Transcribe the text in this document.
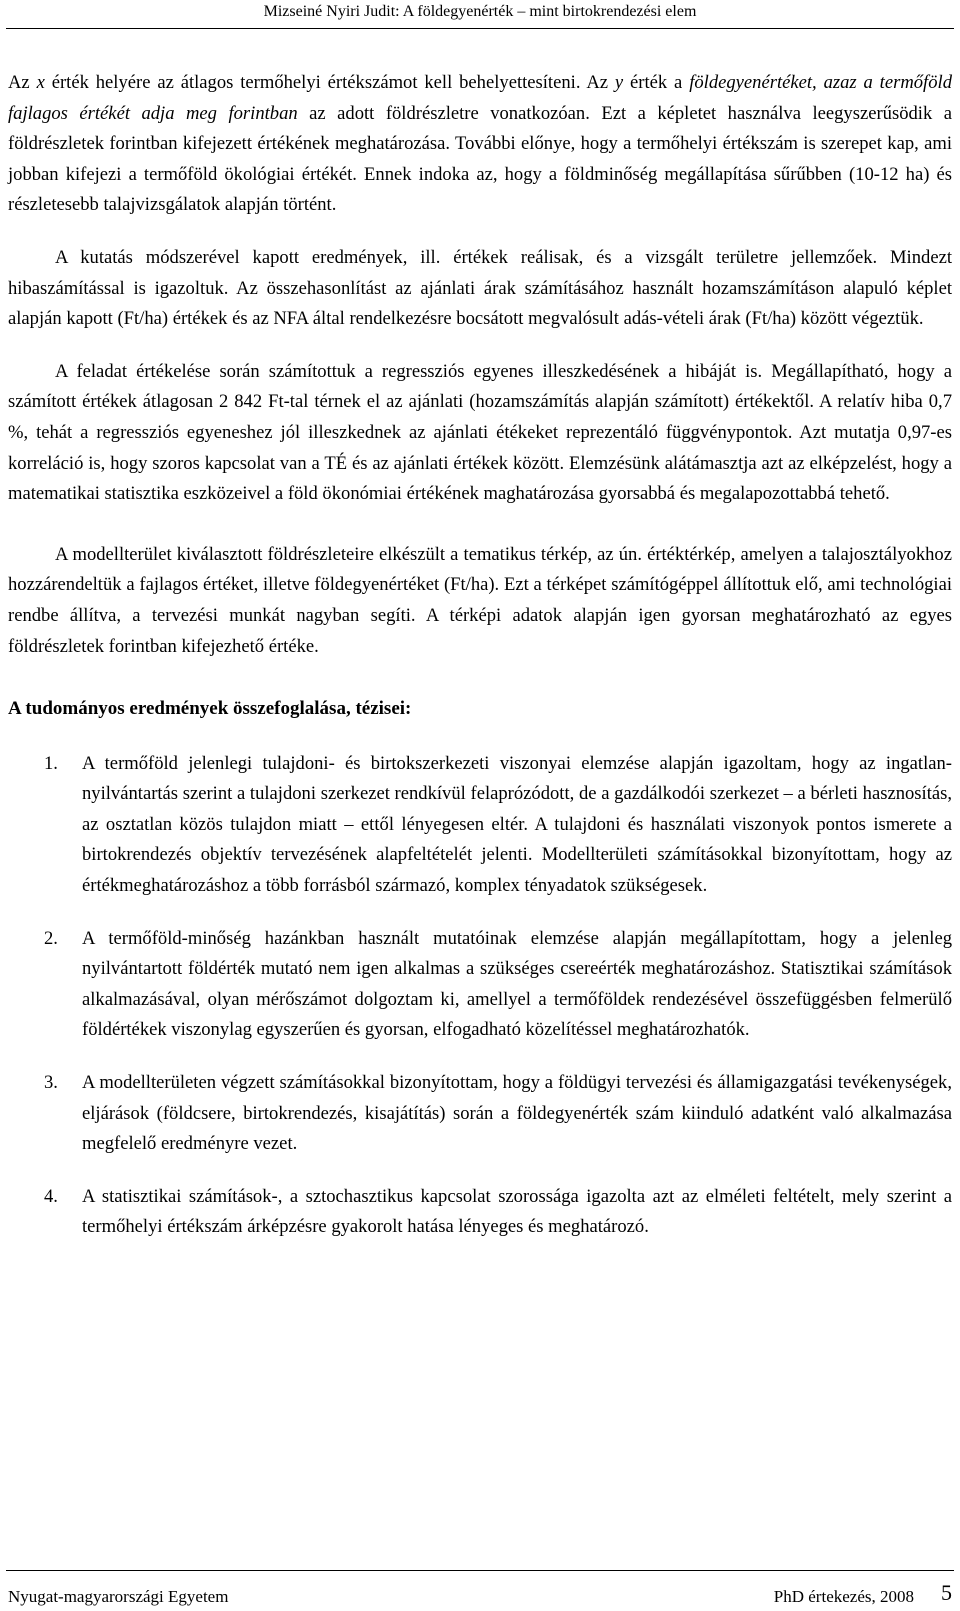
Mizseiné Nyiri Judit: A földegyenérték – mint birtokrendezési elem

Az x érték helyére az átlagos termőhelyi értékszámot kell behelyettesíteni. Az y érték a földegyenértéket, azaz a termőföld fajlagos értékét adja meg forintban az adott földrészletre vonatkozóan. Ezt a képletet használva leegyszerűsödik a földrészletek forintban kifejezett értékének meghatározása. További előnye, hogy a termőhelyi értékszám is szerepet kap, ami jobban kifejezi a termőföld ökológiai értékét. Ennek indoka az, hogy a földminőség megállapítása sűrűbben (10-12 ha) és részletesebb talajvizsgálatok alapján történt.

A kutatás módszerével kapott eredmények, ill. értékek reálisak, és a vizsgált területre jellemzőek. Mindezt hibaszámítással is igazoltuk. Az összehasonlítást az ajánlati árak számításához használt hozamszámításon alapuló képlet alapján kapott (Ft/ha) értékek és az NFA által rendelkezésre bocsátott megvalósult adás-vételi árak (Ft/ha) között végeztük.

A feladat értékelése során számítottuk a regressziós egyenes illeszkedésének a hibáját is. Megállapítható, hogy a számított értékek átlagosan 2 842 Ft-tal térnek el az ajánlati (hozamszámítás alapján számított) értékektől. A relatív hiba 0,7 %, tehát a regressziós egyeneshez jól illeszkednek az ajánlati étékeket reprezentáló függvénypontok. Azt mutatja 0,97-es korreláció is, hogy szoros kapcsolat van a TÉ és az ajánlati értékek között. Elemzésünk alátámasztja azt az elképzelést, hogy a matematikai statisztika eszközeivel a föld ökonómiai értékének maghatározása gyorsabbá és megalapozottabbá tehető.

A modellterület kiválasztott földrészleteire elkészült a tematikus térkép, az ún. értéktérkép, amelyen a talajosztályokhoz hozzárendeltük a fajlagos értéket, illetve földegyenértéket (Ft/ha). Ezt a térképet számítógéppel állítottuk elő, ami technológiai rendbe állítva, a tervezési munkát nagyban segíti. A térképi adatok alapján igen gyorsan meghatározható az egyes földrészletek forintban kifejezhető értéke.

A tudományos eredmények összefoglalása, tézisei:

1. A termőföld jelenlegi tulajdoni- és birtokszerkezeti viszonyai elemzése alapján igazoltam, hogy az ingatlan-nyilvántartás szerint a tulajdoni szerkezet rendkívül felaprózódott, de a gazdálkodói szerkezet – a bérleti hasznosítás, az osztatlan közös tulajdon miatt – ettől lényegesen eltér. A tulajdoni és használati viszonyok pontos ismerete a birtokrendezés objektív tervezésének alapfeltételét jelenti. Modellterületi számításokkal bizonyítottam, hogy az értékmeghatározáshoz a több forrásból származó, komplex tényadatok szükségesek.
2. A termőföld-minőség hazánkban használt mutatóinak elemzése alapján megállapítottam, hogy a jelenleg nyilvántartott földérték mutató nem igen alkalmas a szükséges csereérték meghatározáshoz. Statisztikai számítások alkalmazásával, olyan mérőszámot dolgoztam ki, amellyel a termőföldek rendezésével összefüggésben felmerülő földértékek viszonylag egyszerűen és gyorsan, elfogadható közelítéssel meghatározhatók.
3. A modellterületen végzett számításokkal bizonyítottam, hogy a földügyi tervezési és államigazgatási tevékenységek, eljárások (földcsere, birtokrendezés, kisajátítás) során a földegyenérték szám kiinduló adatként való alkalmazása megfelelő eredményre vezet.
4. A statisztikai számítások-, a sztochasztikus kapcsolat szorossága igazolta azt az elméleti feltételt, mely szerint a termőhelyi értékszám árképzésre gyakorolt hatása lényeges és meghatározó.
Nyugat-magyarországi Egyetem	PhD értekezés, 2008 5
